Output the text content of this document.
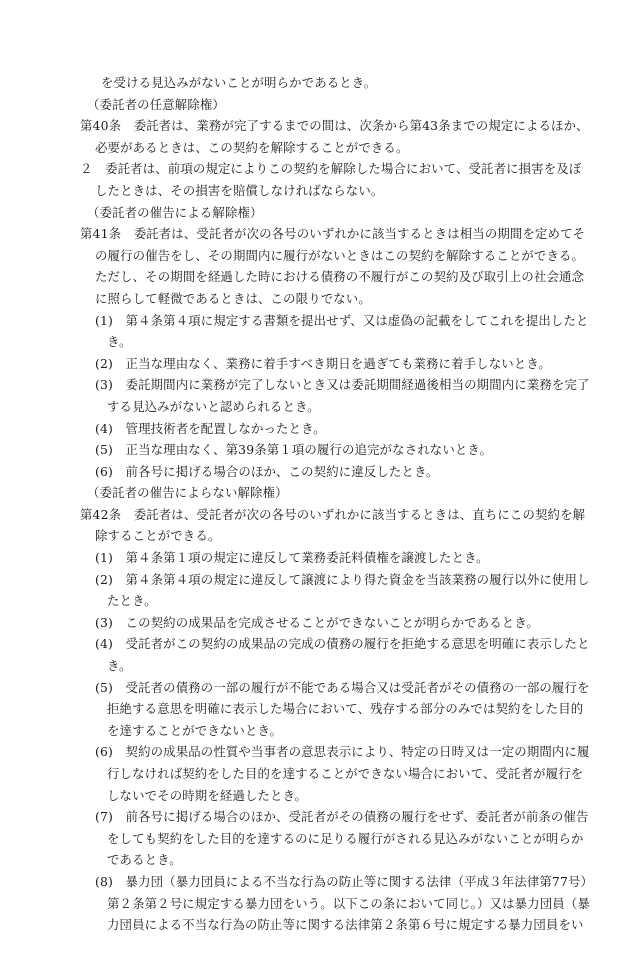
を受ける見込みがないことが明らかであるとき。
（委託者の任意解除権）
第40条　委託者は、業務が完了するまでの間は、次条から第43条までの規定によるほか、
必要があるときは、この契約を解除することができる。
２　委託者は、前項の規定によりこの契約を解除した場合において、受託者に損害を及ぼ
したときは、その損害を賠償しなければならない。
（委託者の催告による解除権）
第41条　委託者は、受託者が次の各号のいずれかに該当するときは相当の期間を定めてそ
の履行の催告をし、その期間内に履行がないときはこの契約を解除することができる。
ただし、その期間を経過した時における債務の不履行がこの契約及び取引上の社会通念
に照らして軽微であるときは、この限りでない。
(1)　第４条第４項に規定する書類を提出せず、又は虚偽の記載をしてこれを提出したと
き。
(2)　正当な理由なく、業務に着手すべき期日を過ぎても業務に着手しないとき。
(3)　委託期間内に業務が完了しないとき又は委託期間経過後相当の期間内に業務を完了
する見込みがないと認められるとき。
(4)　管理技術者を配置しなかったとき。
(5)　正当な理由なく、第39条第１項の履行の追完がなされないとき。
(6)　前各号に掲げる場合のほか、この契約に違反したとき。
（委託者の催告によらない解除権）
第42条　委託者は、受託者が次の各号のいずれかに該当するときは、直ちにこの契約を解
除することができる。
(1)　第４条第１項の規定に違反して業務委託料債権を譲渡したとき。
(2)　第４条第４項の規定に違反して譲渡により得た資金を当該業務の履行以外に使用し
たとき。
(3)　この契約の成果品を完成させることができないことが明らかであるとき。
(4)　受託者がこの契約の成果品の完成の債務の履行を拒絶する意思を明確に表示したと
き。
(5)　受託者の債務の一部の履行が不能である場合又は受託者がその債務の一部の履行を
拒絶する意思を明確に表示した場合において、残存する部分のみでは契約をした目的
を達することができないとき。
(6)　契約の成果品の性質や当事者の意思表示により、特定の日時又は一定の期間内に履
行しなければ契約をした目的を達することができない場合において、受託者が履行を
しないでその時期を経過したとき。
(7)　前各号に掲げる場合のほか、受託者がその債務の履行をせず、委託者が前条の催告
をしても契約をした目的を達するのに足りる履行がされる見込みがないことが明らか
であるとき。
(8)　暴力団（暴力団員による不当な行為の防止等に関する法律（平成３年法律第77号）
第２条第２号に規定する暴力団をいう。以下この条において同じ。）又は暴力団員（暴
力団員による不当な行為の防止等に関する法律第２条第６号に規定する暴力団員をい
